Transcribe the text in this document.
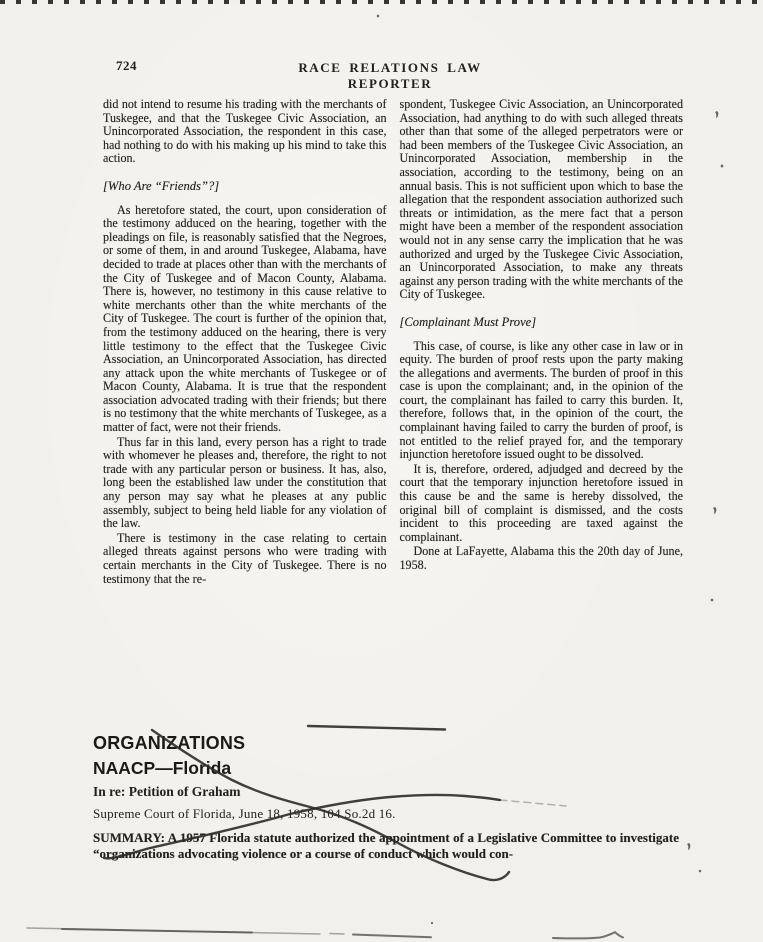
724	RACE RELATIONS LAW REPORTER

did not intend to resume his trading with the merchants of Tuskegee, and that the Tuskegee Civic Association, an Unincorporated Association, the respondent in this case, had nothing to do with his making up his mind to take this action.

[Who Are “Friends”?]

As heretofore stated, the court, upon consideration of the testimony adduced on the hearing, together with the pleadings on file, is reasonably satisfied that the Negroes, or some of them, in and around Tuskegee, Alabama, have decided to trade at places other than with the merchants of the City of Tuskegee and of Macon County, Alabama. There is, however, no testimony in this cause relative to white merchants other than the white merchants of the City of Tuskegee. The court is further of the opinion that, from the testimony adduced on the hearing, there is very little testimony to the effect that the Tuskegee Civic Association, an Unincorporated Association, has directed any attack upon the white merchants of Tuskegee or of Macon County, Alabama. It is true that the respondent association advocated trading with their friends; but there is no testimony that the white merchants of Tuskegee, as a matter of fact, were not their friends.

Thus far in this land, every person has a right to trade with whomever he pleases and, therefore, the right to not trade with any particular person or business. It has, also, long been the established law under the constitution that any person may say what he pleases at any public assembly, subject to being held liable for any violation of the law.

There is testimony in the case relating to certain alleged threats against persons who were trading with certain merchants in the City of Tuskegee. There is no testimony that the re-

spondent, Tuskegee Civic Association, an Unincorporated Association, had anything to do with such alleged threats other than that some of the alleged perpetrators were or had been members of the Tuskegee Civic Association, an Unincorporated Association, membership in the association, according to the testimony, being on an annual basis. This is not sufficient upon which to base the allegation that the respondent association authorized such threats or intimidation, as the mere fact that a person might have been a member of the respondent association would not in any sense carry the implication that he was authorized and urged by the Tuskegee Civic Association, an Unincorporated Association, to make any threats against any person trading with the white merchants of the City of Tuskegee.

[Complainant Must Prove]

This case, of course, is like any other case in law or in equity. The burden of proof rests upon the party making the allegations and averments. The burden of proof in this case is upon the complainant; and, in the opinion of the court, the complainant has failed to carry this burden. It, therefore, follows that, in the opinion of the court, the complainant having failed to carry the burden of proof, is not entitled to the relief prayed for, and the temporary injunction heretofore issued ought to be dissolved.

It is, therefore, ordered, adjudged and decreed by the court that the temporary injunction heretofore issued in this cause be and the same is hereby dissolved, the original bill of complaint is dismissed, and the costs incident to this proceeding are taxed against the complainant.

Done at LaFayette, Alabama this the 20th day of June, 1958.

ORGANIZATIONS
NAACP—Florida
In re: Petition of Graham
Supreme Court of Florida, June 18, 1958, 104 So.2d 16.

SUMMARY: A 1957 Florida statute authorized the appointment of a Legislative Committee to investigate “organizations advocating violence or a course of conduct which would con-
